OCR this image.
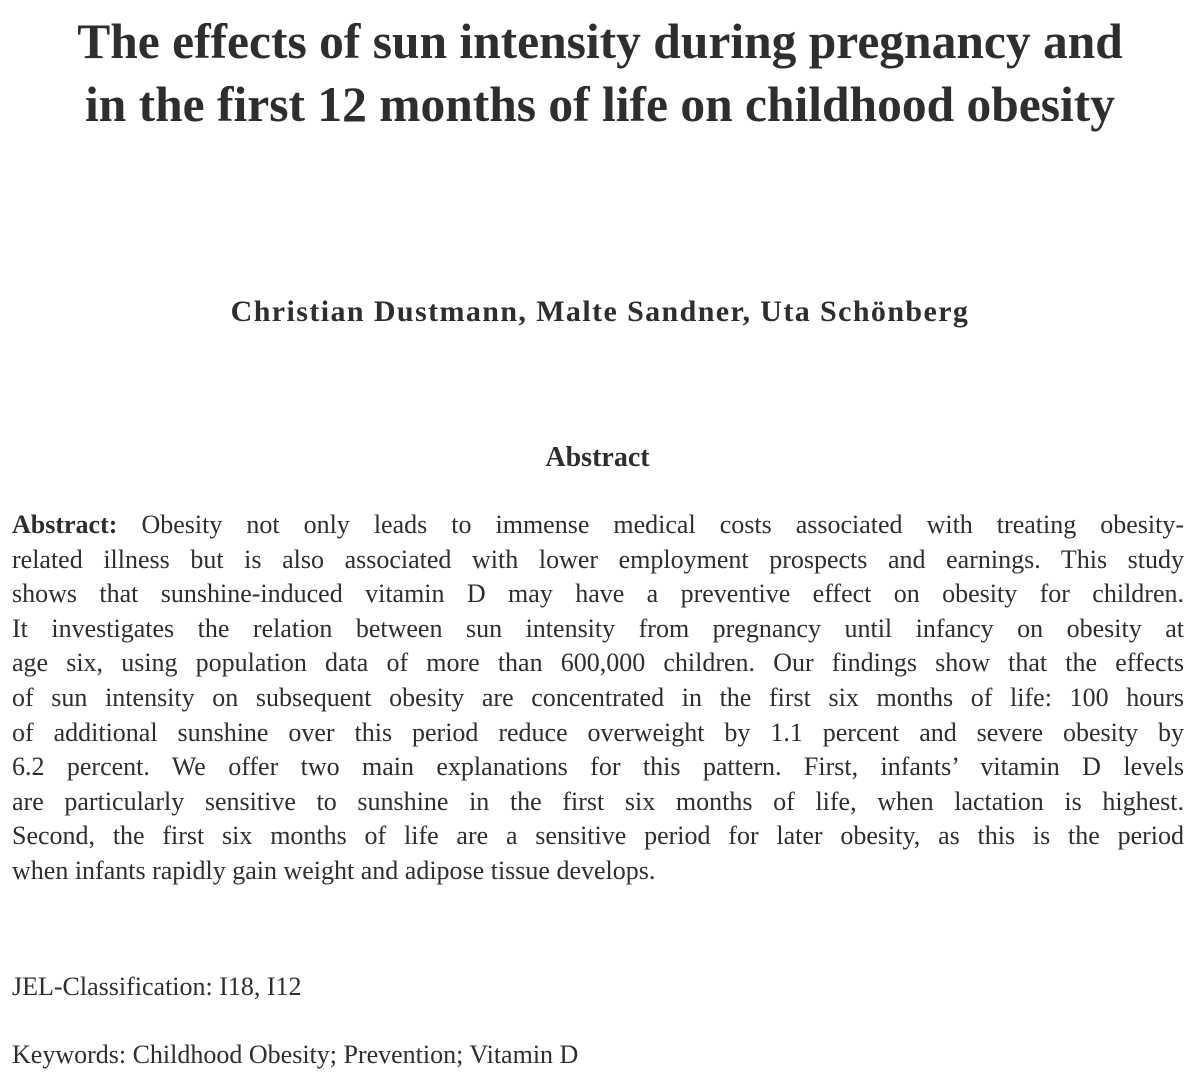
The effects of sun intensity during pregnancy and
in the first 12 months of life on childhood obesity
Christian Dustmann, Malte Sandner, Uta Schönberg
Abstract
Abstract: Obesity not only leads to immense medical costs associated with treating obesity-
related illness but is also associated with lower employment prospects and earnings. This study
shows that sunshine-induced vitamin D may have a preventive effect on obesity for children.
It investigates the relation between sun intensity from pregnancy until infancy on obesity at
age six, using population data of more than 600,000 children. Our findings show that the effects
of sun intensity on subsequent obesity are concentrated in the first six months of life: 100 hours
of additional sunshine over this period reduce overweight by 1.1 percent and severe obesity by
6.2 percent. We offer two main explanations for this pattern. First, infants’ vitamin D levels
are particularly sensitive to sunshine in the first six months of life, when lactation is highest.
Second, the first six months of life are a sensitive period for later obesity, as this is the period
when infants rapidly gain weight and adipose tissue develops.
JEL-Classification: I18, I12
Keywords: Childhood Obesity; Prevention; Vitamin D
